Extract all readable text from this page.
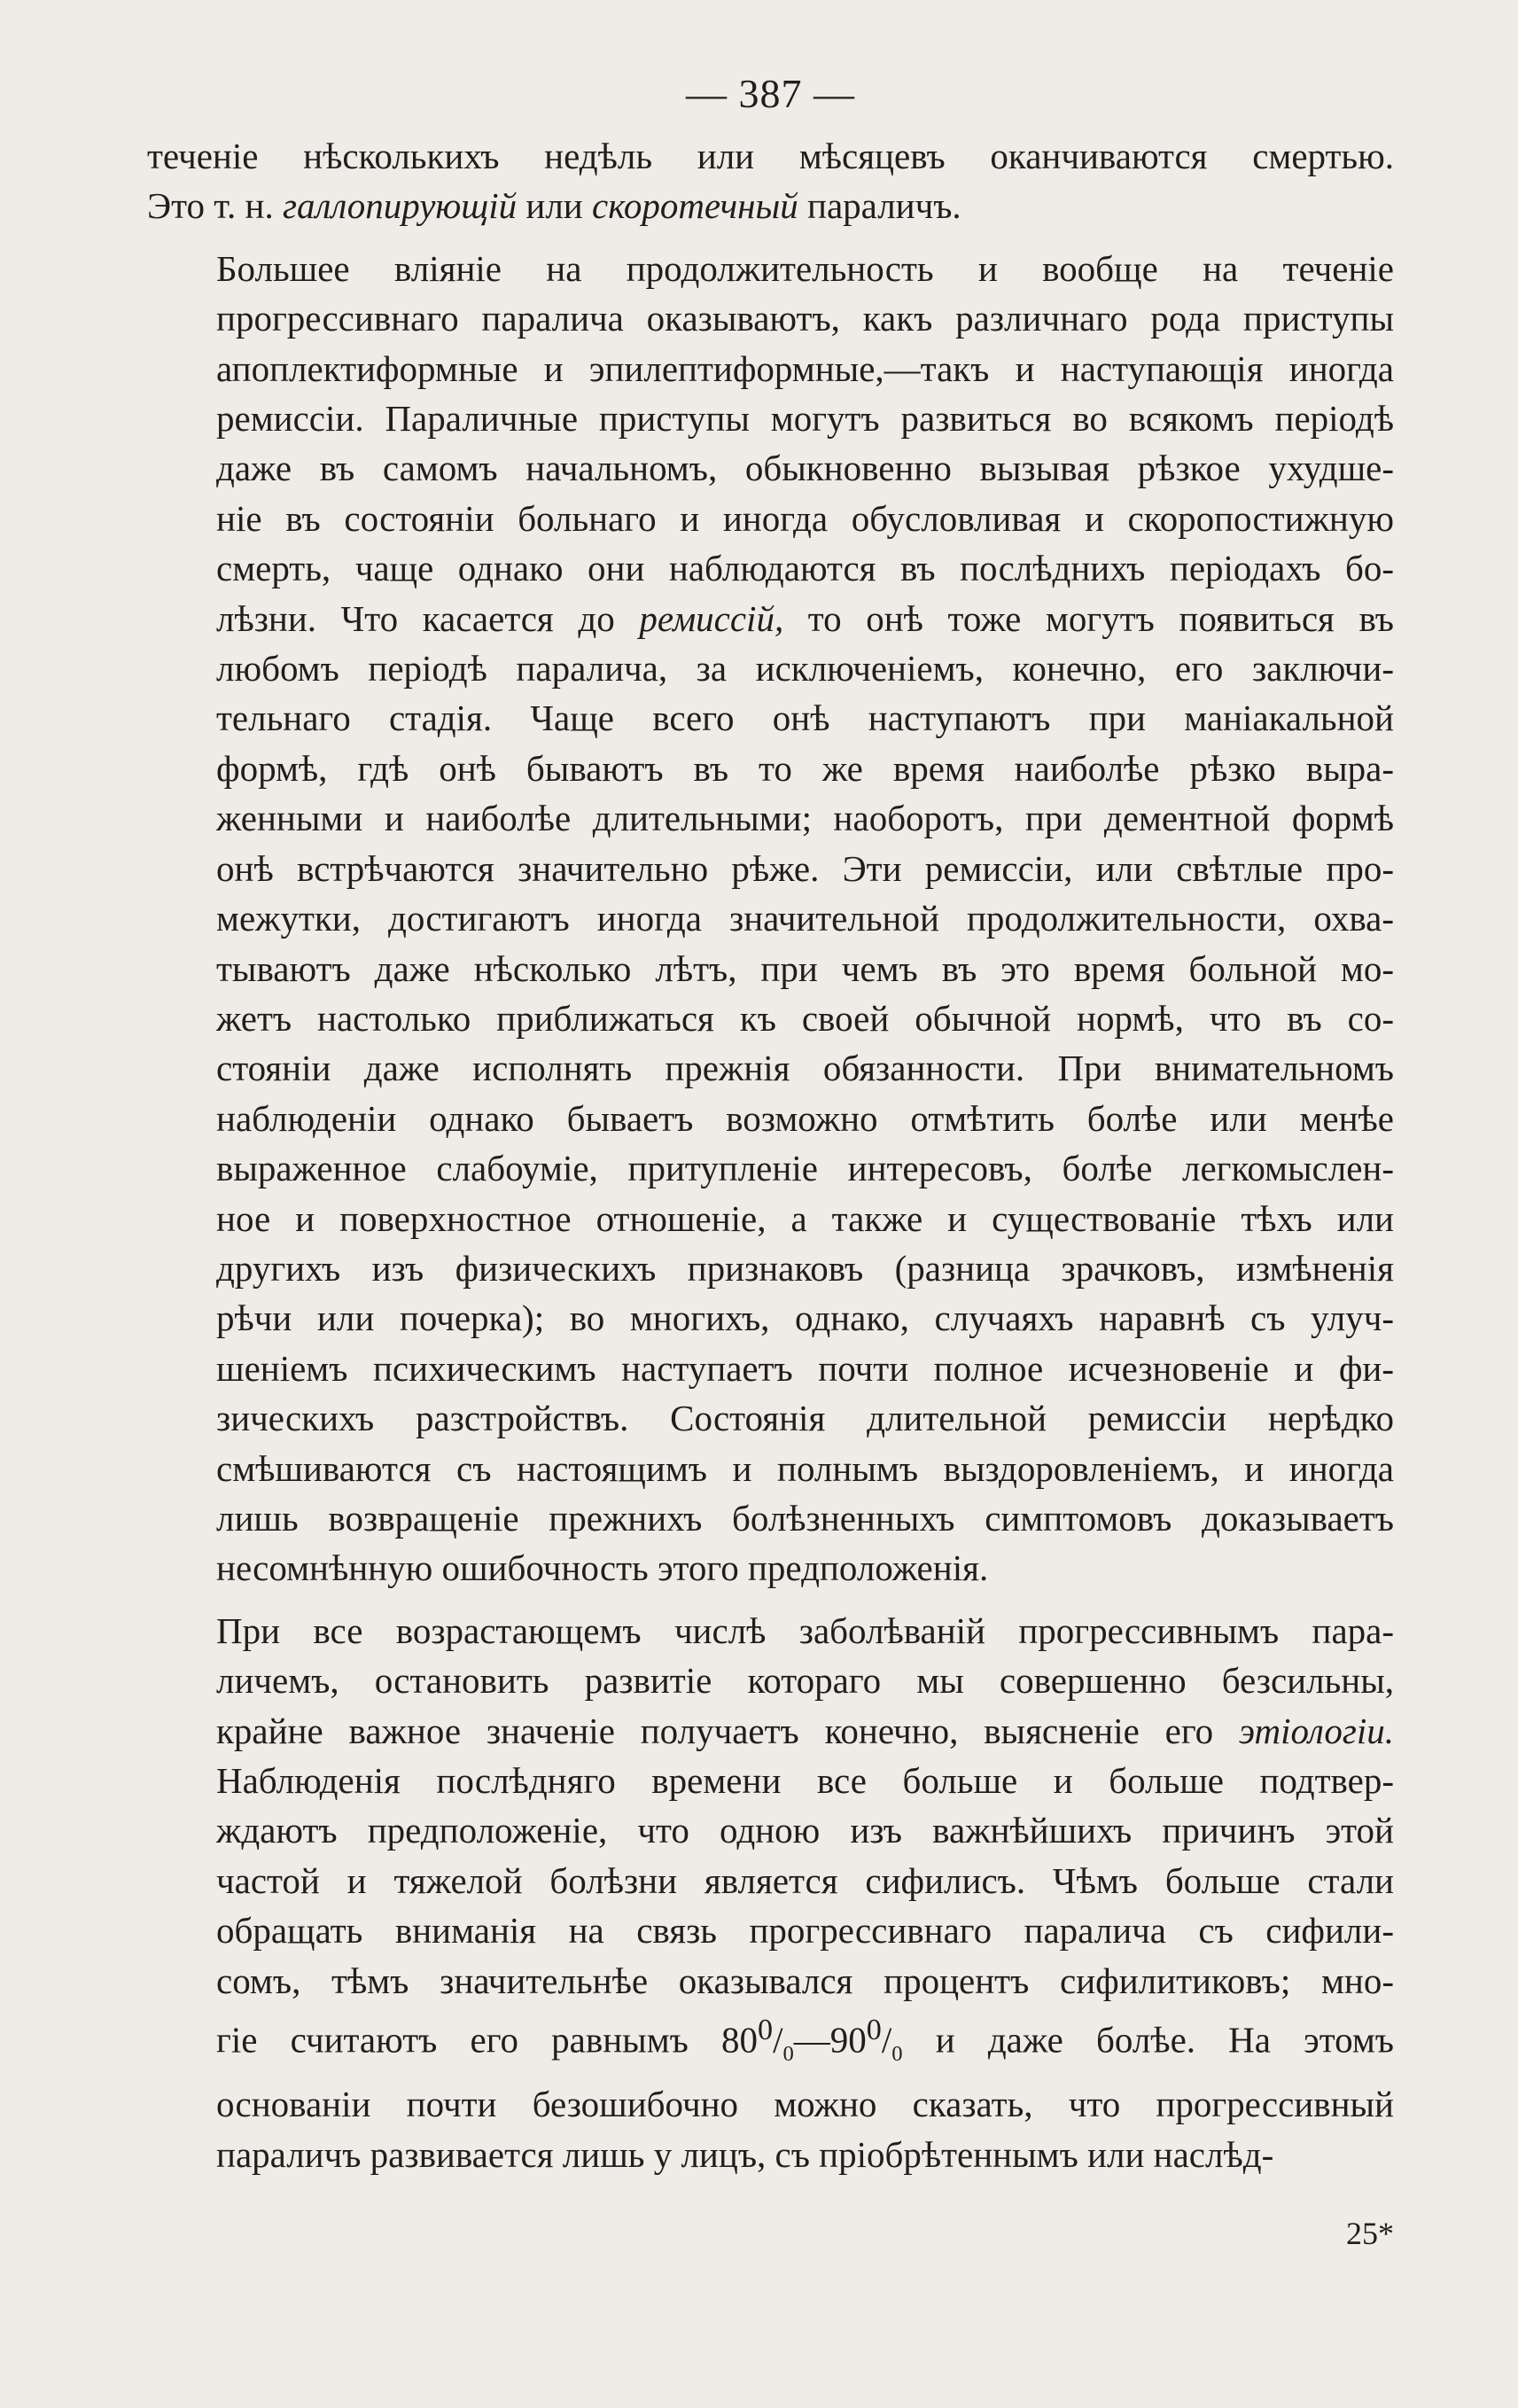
— 387 —

теченіе нѣсколькихъ недѣль или мѣсяцевъ оканчиваются смертью.
Это т. н. галлопирующій или скоротечный параличъ.

Большее вліяніе на продолжительность и вообще на теченіе
прогрессивнаго паралича оказываютъ, какъ различнаго рода приступы
апоплектиформные и эпилептиформные,—такъ и наступающія иногда
ремиссіи. Параличные приступы могутъ развиться во всякомъ періодѣ
даже въ самомъ начальномъ, обыкновенно вызывая рѣзкое ухудше-
ніе въ состояніи больнаго и иногда обусловливая и скоропостижную
смерть, чаще однако они наблюдаются въ послѣднихъ періодахъ бо-
лѣзни. Что касается до ремиссій, то онѣ тоже могутъ появиться въ
любомъ періодѣ паралича, за исключеніемъ, конечно, его заключи-
тельнаго стадія. Чаще всего онѣ наступаютъ при маніакальной
формѣ, гдѣ онѣ бываютъ въ то же время наиболѣе рѣзко выра-
женными и наиболѣе длительными; наоборотъ, при дементной формѣ
онѣ встрѣчаются значительно рѣже. Эти ремиссіи, или свѣтлые про-
межутки, достигаютъ иногда значительной продолжительности, охва-
тываютъ даже нѣсколько лѣтъ, при чемъ въ это время больной мо-
жетъ настолько приближаться къ своей обычной нормѣ, что въ со-
стояніи даже исполнять прежнія обязанности. При внимательномъ
наблюденіи однако бываетъ возможно отмѣтить болѣе или менѣе
выраженное слабоуміе, притупленіе интересовъ, болѣе легкомыслен-
ное и поверхностное отношеніе, а также и существованіе тѣхъ или
другихъ изъ физическихъ признаковъ (разница зрачковъ, измѣненія
рѣчи или почерка); во многихъ, однако, случаяхъ наравнѣ съ улуч-
шеніемъ психическимъ наступаетъ почти полное исчезновеніе и фи-
зическихъ разстройствъ. Состоянія длительной ремиссіи нерѣдко
смѣшиваются съ настоящимъ и полнымъ выздоровленіемъ, и иногда
лишь возвращеніе прежнихъ болѣзненныхъ симптомовъ доказываетъ
несомнѣнную ошибочность этого предположенія.

При все возрастающемъ числѣ заболѣваній прогрессивнымъ пара-
личемъ, остановить развитіе котораго мы совершенно безсильны,
крайне важное значеніе получаетъ конечно, выясненіе его этіологіи.
Наблюденія послѣдняго времени все больше и больше подтвер-
ждаютъ предположеніе, что одною изъ важнѣйшихъ причинъ этой
частой и тяжелой болѣзни является сифилисъ. Чѣмъ больше стали
обращать вниманія на связь прогрессивнаго паралича съ сифили-
сомъ, тѣмъ значительнѣе оказывался процентъ сифилитиковъ; мно-
гіе считаютъ его равнымъ $80^0/_0—90^0/_0$ и даже болѣе. На этомъ
основаніи почти безошибочно можно сказать, что прогрессивный
параличъ развивается лишь у лицъ, съ пріобрѣтеннымъ или наслѣд-

25*
